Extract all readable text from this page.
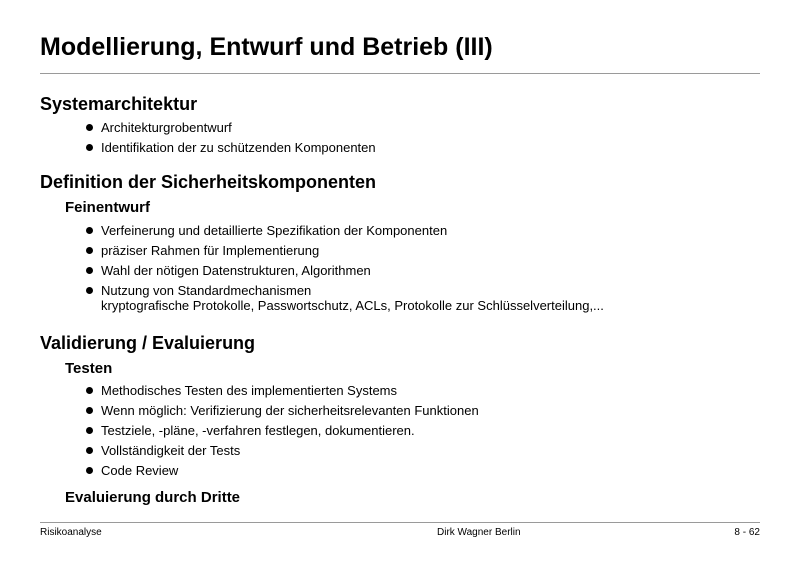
Modellierung, Entwurf und Betrieb (III)
Systemarchitektur
Architekturgrobentwurf
Identifikation der zu schützenden Komponenten
Definition der Sicherheitskomponenten
Feinentwurf
Verfeinerung und detaillierte Spezifikation der Komponenten
präziser Rahmen für Implementierung
Wahl der nötigen Datenstrukturen, Algorithmen
Nutzung von Standardmechanismen
kryptografische Protokolle, Passwortschutz, ACLs, Protokolle zur Schlüsselverteilung,...
Validierung / Evaluierung
Testen
Methodisches Testen des implementierten Systems
Wenn möglich: Verifizierung der sicherheitsrelevanten Funktionen
Testziele, -pläne, -verfahren festlegen, dokumentieren.
Vollständigkeit der Tests
Code Review
Evaluierung durch Dritte
Risikoanalyse	Dirk Wagner Berlin	8 - 62
